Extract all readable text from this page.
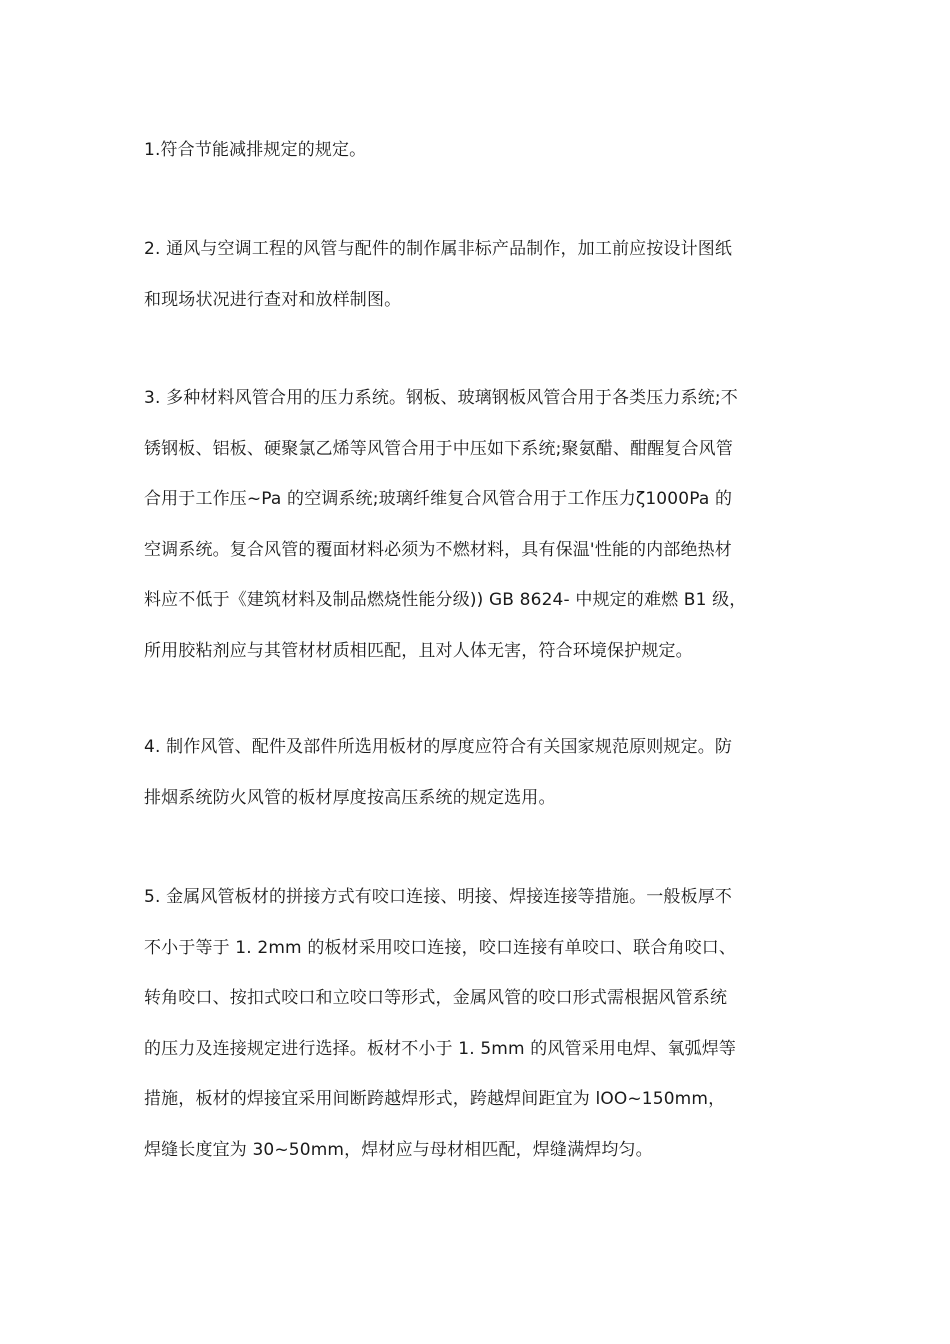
1.符合节能减排规定的规定。

2. 通风与空调工程的风管与配件的制作属非标产品制作，加工前应按设计图纸
和现场状况进行查对和放样制图。

3. 多种材料风管合用的压力系统。钢板、玻璃钢板风管合用于各类压力系统;不
锈钢板、铝板、硬聚氯乙烯等风管合用于中压如下系统;聚氨醋、酣醒复合风管
合用于工作压~Pa 的空调系统;玻璃纤维复合风管合用于工作压力ζ1000Pa 的
空调系统。复合风管的覆面材料必须为不燃材料，具有保温'性能的内部绝热材
料应不低于《建筑材料及制品燃烧性能分级)) GB 8624- 中规定的难燃 B1 级，
所用胶粘剂应与其管材材质相匹配，且对人体无害，符合环境保护规定。

4. 制作风管、配件及部件所选用板材的厚度应符合有关国家规范原则规定。防
排烟系统防火风管的板材厚度按高压系统的规定选用。

5. 金属风管板材的拼接方式有咬口连接、明接、焊接连接等措施。一般板厚不
不小于等于 1. 2mm 的板材采用咬口连接，咬口连接有单咬口、联合角咬口、
转角咬口、按扣式咬口和立咬口等形式，金属风管的咬口形式需根据风管系统
的压力及连接规定进行选择。板材不小于 1. 5mm 的风管采用电焊、氧弧焊等
措施，板材的焊接宜采用间断跨越焊形式，跨越焊间距宜为 lOO~150mm，
焊缝长度宜为 30~50mm，焊材应与母材相匹配，焊缝满焊均匀。
